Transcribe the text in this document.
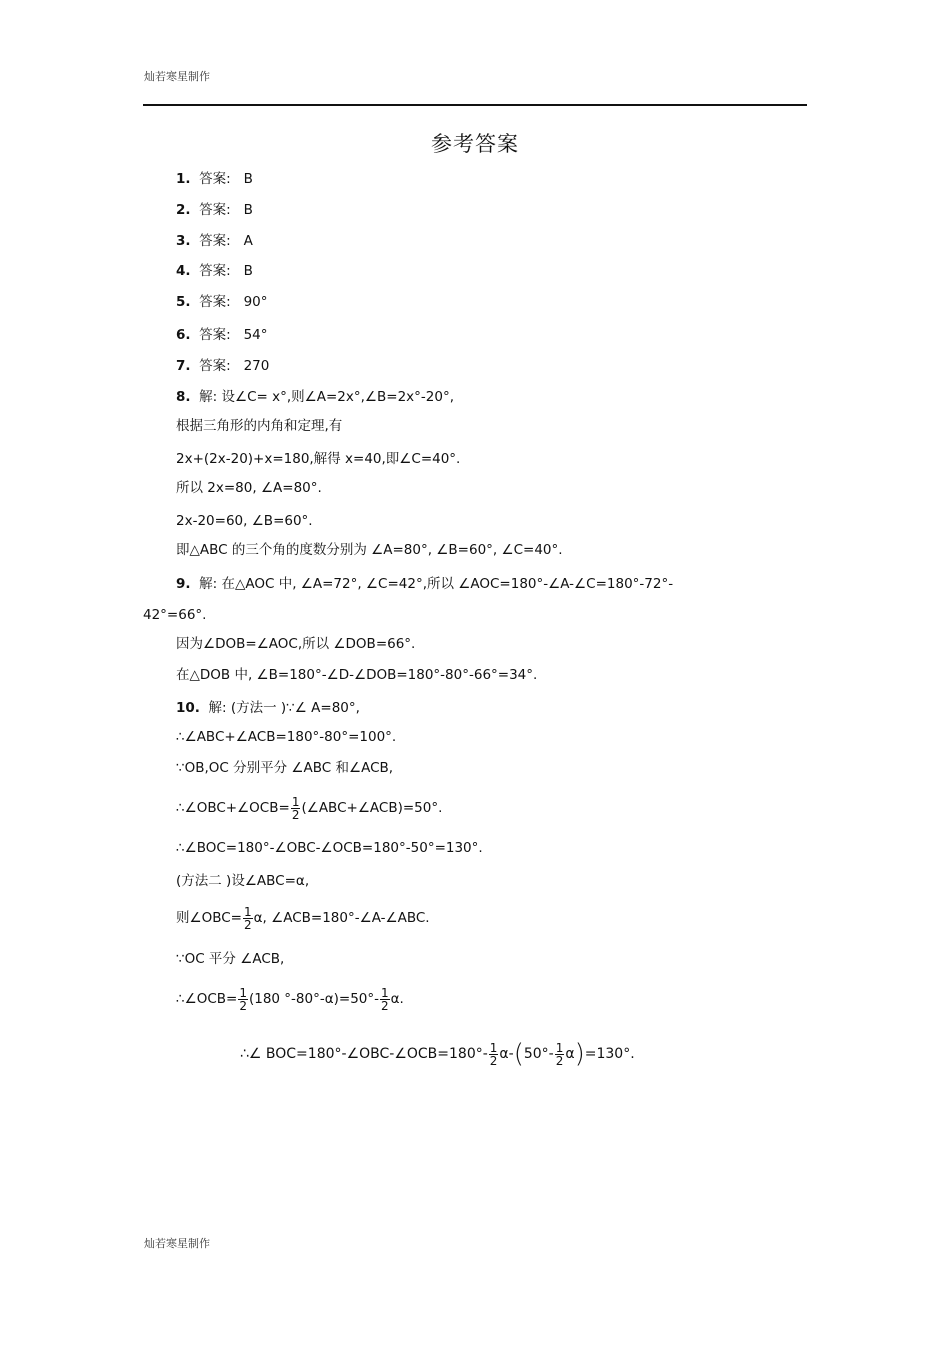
灿若寒星制作
参考答案
1. 答案: B
2. 答案: B
3. 答案: A
4. 答案: B
5. 答案: 90°
6. 答案: 54°
7. 答案: 270
8. 解: 设∠C= x°,则∠A=2x°,∠B=2x°-20°,
根据三角形的内角和定理,有
2x+(2x-20)+x=180,解得 x=40,即∠C=40°.
所以 2x=80, ∠A=80°.
2x-20=60, ∠B=60°.
即△ABC 的三个角的度数分别为 ∠A=80°, ∠B=60°, ∠C=40°.
9. 解: 在△AOC 中, ∠A=72°, ∠C=42°,所以 ∠AOC=180°-∠A-∠C=180°-72°-
42°=66°.
因为∠DOB=∠AOC,所以 ∠DOB=66°.
在△DOB 中, ∠B=180°-∠D-∠DOB=180°-80°-66°=34°.
10. 解: (方法一 )∵∠ A=80°,
∴∠ABC+∠ACB=180°-80°=100°.
∵OB,OC 分别平分 ∠ABC 和∠ACB,
∴∠OBC+∠OCB= $\frac{1}{2}$ (∠ABC+∠ACB)=50°.
∴∠BOC=180°-∠OBC-∠OCB=180°-50°=130°.
(方法二 )设∠ABC=α,
则∠OBC= $\frac{1}{2} \alpha$, ∠ACB=180°-∠A-∠ABC.
∵OC 平分 ∠ACB,
∴∠OCB= $\frac{1}{2} (180$ $^\circ-80^\circ-\alpha)=50^\circ- \frac{1}{2} \alpha$.
∴∠ BOC=180°-∠OBC-∠OCB=180°- $\frac{1}{2} \alpha-(50^\circ- \frac{1}{2} \alpha)=130^\circ$.
灿若寒星制作
